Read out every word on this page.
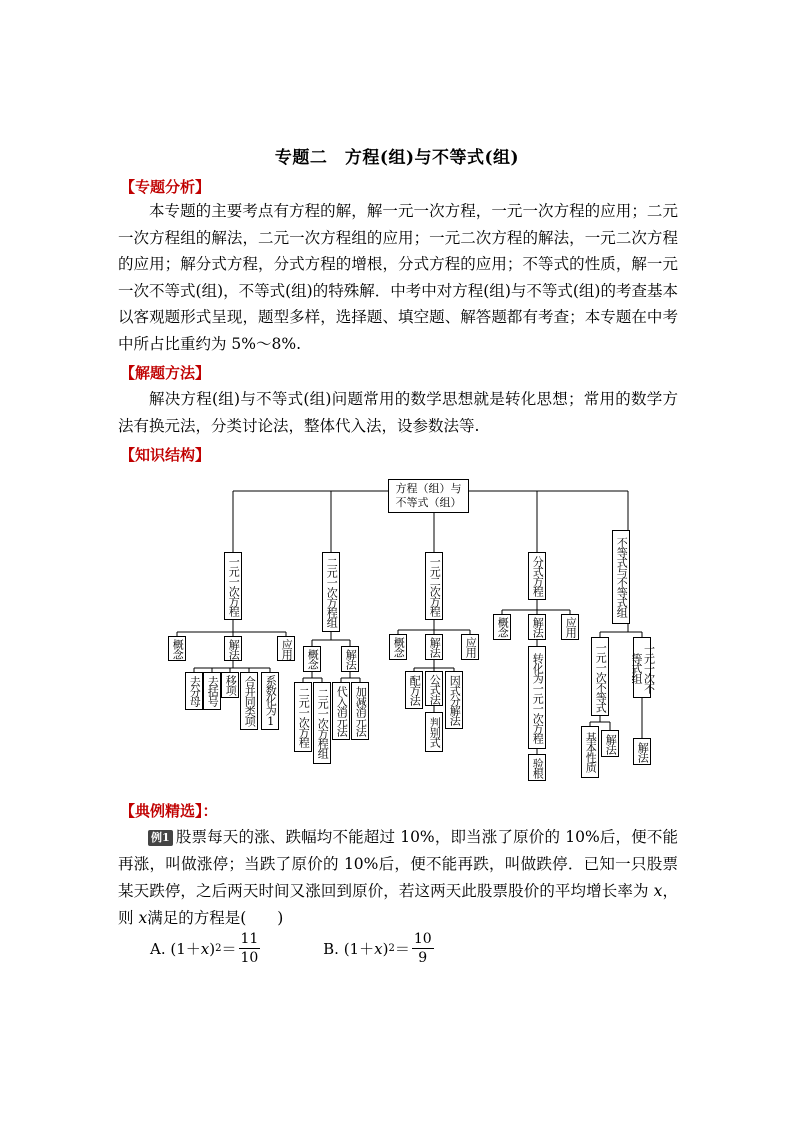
专题二　方程(组)与不等式(组)
【专题分析】
本专题的主要考点有方程的解，解一元一次方程，一元一次方程的应用；二元一次方程组的解法，二元一次方程组的应用；一元二次方程的解法，一元二次方程的应用；解分式方程，分式方程的增根，分式方程的应用；不等式的性质，解一元一次不等式(组)，不等式(组)的特殊解．中考中对方程(组)与不等式(组)的考查基本以客观题形式呈现，题型多样，选择题、填空题、解答题都有考查；本专题在中考中所占比重约为 5%～8%.
【解题方法】
解决方程(组)与不等式(组)问题常用的数学思想就是转化思想；常用的数学方法有换元法，分类讨论法，整体代入法，设参数法等.
【知识结构】
方程（组）与不等式（组）
一元一次方程
概念	解法	应用
去分母 去括号 移项 合并同类项 系数化为1
二元一次方程组
概念 解法
二元一次方程 二元一次方程组 代入消元法 加减消元法
一元二次方程
概念 解法 应用
配方法 公式法 因式分解法
判别式
分式方程
概念 解法 应用
转化为一元一次方程
验根
不等式与不等式组
一元一次不等式	一元一次不等式组
基本性质 解法 解法
【典例精选】：
例1 股票每天的涨、跌幅均不能超过 10%，即当涨了原价的 10%后，便不能再涨，叫做涨停；当跌了原价的 10%后，便不能再跌，叫做跌停．已知一只股票某天跌停，之后两天时间又涨回到原价，若这两天此股票股价的平均增长率为 x，则 x满足的方程是(　　)
A.
(1＋ x ) $2 = \frac{11}{10}$
	B.
(1＋ x ) $2 = \frac{10}{9}$
